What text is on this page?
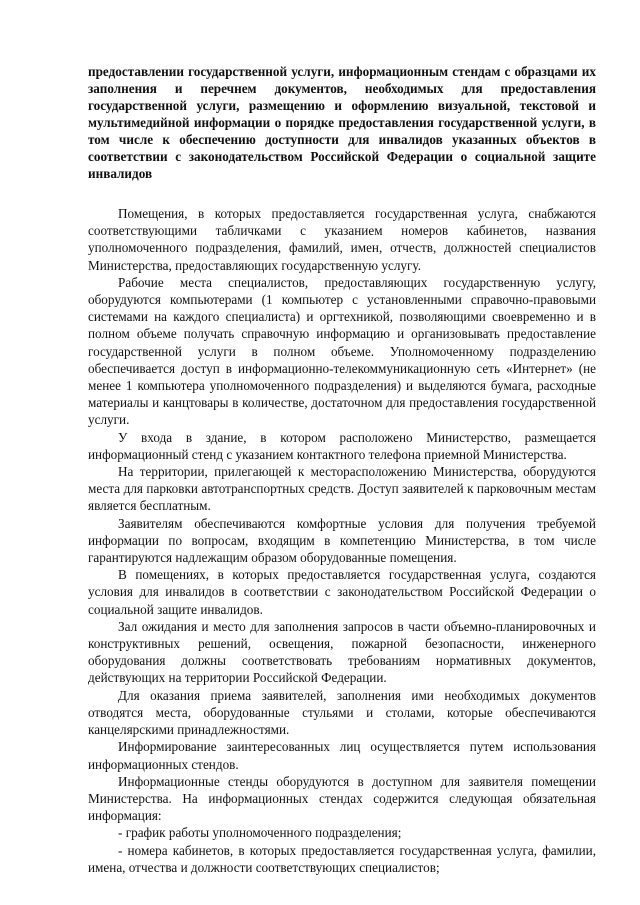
предоставлении государственной услуги, информационным стендам с образцами их заполнения и перечнем документов, необходимых для предоставления государственной услуги, размещению и оформлению визуальной, текстовой и мультимедийной информации о порядке предоставления государственной услуги, в том числе к обеспечению доступности для инвалидов указанных объектов в соответствии с законодательством Российской Федерации о социальной защите инвалидов

Помещения, в которых предоставляется государственная услуга, снабжаются соответствующими табличками с указанием номеров кабинетов, названия уполномоченного подразделения, фамилий, имен, отчеств, должностей специалистов Министерства, предоставляющих государственную услугу.

Рабочие места специалистов, предоставляющих государственную услугу, оборудуются компьютерами (1 компьютер с установленными справочно-правовыми системами на каждого специалиста) и оргтехникой, позволяющими своевременно и в полном объеме получать справочную информацию и организовывать предоставление государственной услуги в полном объеме. Уполномоченному подразделению обеспечивается доступ в информационно-телекоммуникационную сеть «Интернет» (не менее 1 компьютера уполномоченного подразделения) и выделяются бумага, расходные материалы и канцтовары в количестве, достаточном для предоставления государственной услуги.

У входа в здание, в котором расположено Министерство, размещается информационный стенд с указанием контактного телефона приемной Министерства.

На территории, прилегающей к месторасположению Министерства, оборудуются места для парковки автотранспортных средств. Доступ заявителей к парковочным местам является бесплатным.

Заявителям обеспечиваются комфортные условия для получения требуемой информации по вопросам, входящим в компетенцию Министерства, в том числе гарантируются надлежащим образом оборудованные помещения.

В помещениях, в которых предоставляется государственная услуга, создаются условия для инвалидов в соответствии с законодательством Российской Федерации о социальной защите инвалидов.

Зал ожидания и место для заполнения запросов в части объемно-планировочных и конструктивных решений, освещения, пожарной безопасности, инженерного оборудования должны соответствовать требованиям нормативных документов, действующих на территории Российской Федерации.

Для оказания приема заявителей, заполнения ими необходимых документов отводятся места, оборудованные стульями и столами, которые обеспечиваются канцелярскими принадлежностями.

Информирование заинтересованных лиц осуществляется путем использования информационных стендов.

Информационные стенды оборудуются в доступном для заявителя помещении Министерства. На информационных стендах содержится следующая обязательная информация:

- график работы уполномоченного подразделения;

- номера кабинетов, в которых предоставляется государственная услуга, фамилии, имена, отчества и должности соответствующих специалистов;
